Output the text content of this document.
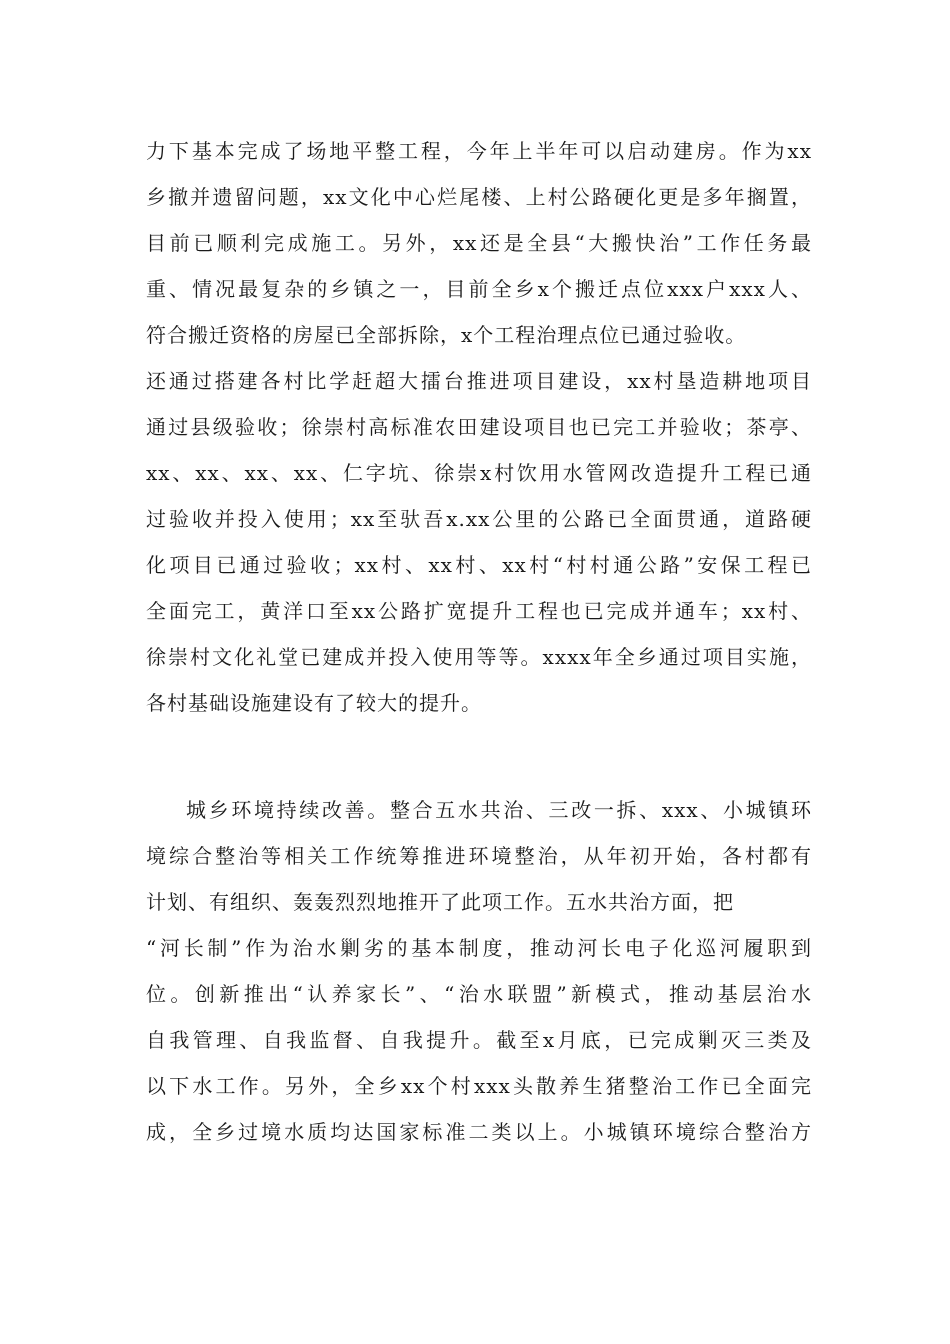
力下基本完成了场地平整工程，今年上半年可以启动建房。作为xx
乡撤并遗留问题，xx文化中心烂尾楼、上村公路硬化更是多年搁置，
目前已顺利完成施工。另外，xx还是全县“大搬快治”工作任务最
重、情况最复杂的乡镇之一，目前全乡x个搬迁点位xxx户xxx人、
符合搬迁资格的房屋已全部拆除，x个工程治理点位已通过验收。
还通过搭建各村比学赶超大擂台推进项目建设，xx村垦造耕地项目
通过县级验收；徐崇村高标准农田建设项目也已完工并验收；茶亭、
xx、xx、xx、xx、仁字坑、徐崇x村饮用水管网改造提升工程已通
过验收并投入使用；xx至驮吾x.xx公里的公路已全面贯通，道路硬
化项目已通过验收；xx村、xx村、xx村“村村通公路”安保工程已
全面完工，黄洋口至xx公路扩宽提升工程也已完成并通车；xx村、
徐崇村文化礼堂已建成并投入使用等等。xxxx年全乡通过项目实施，
各村基础设施建设有了较大的提升。
城乡环境持续改善。整合五水共治、三改一拆、xxx、小城镇环
境综合整治等相关工作统筹推进环境整治，从年初开始，各村都有
计划、有组织、轰轰烈烈地推开了此项工作。五水共治方面，把
“河长制”作为治水剿劣的基本制度，推动河长电子化巡河履职到
位。创新推出“认养家长”、“治水联盟”新模式，推动基层治水
自我管理、自我监督、自我提升。截至x月底，已完成剿灭三类及
以下水工作。另外，全乡xx个村xxx头散养生猪整治工作已全面完
成，全乡过境水质均达国家标准二类以上。小城镇环境综合整治方
